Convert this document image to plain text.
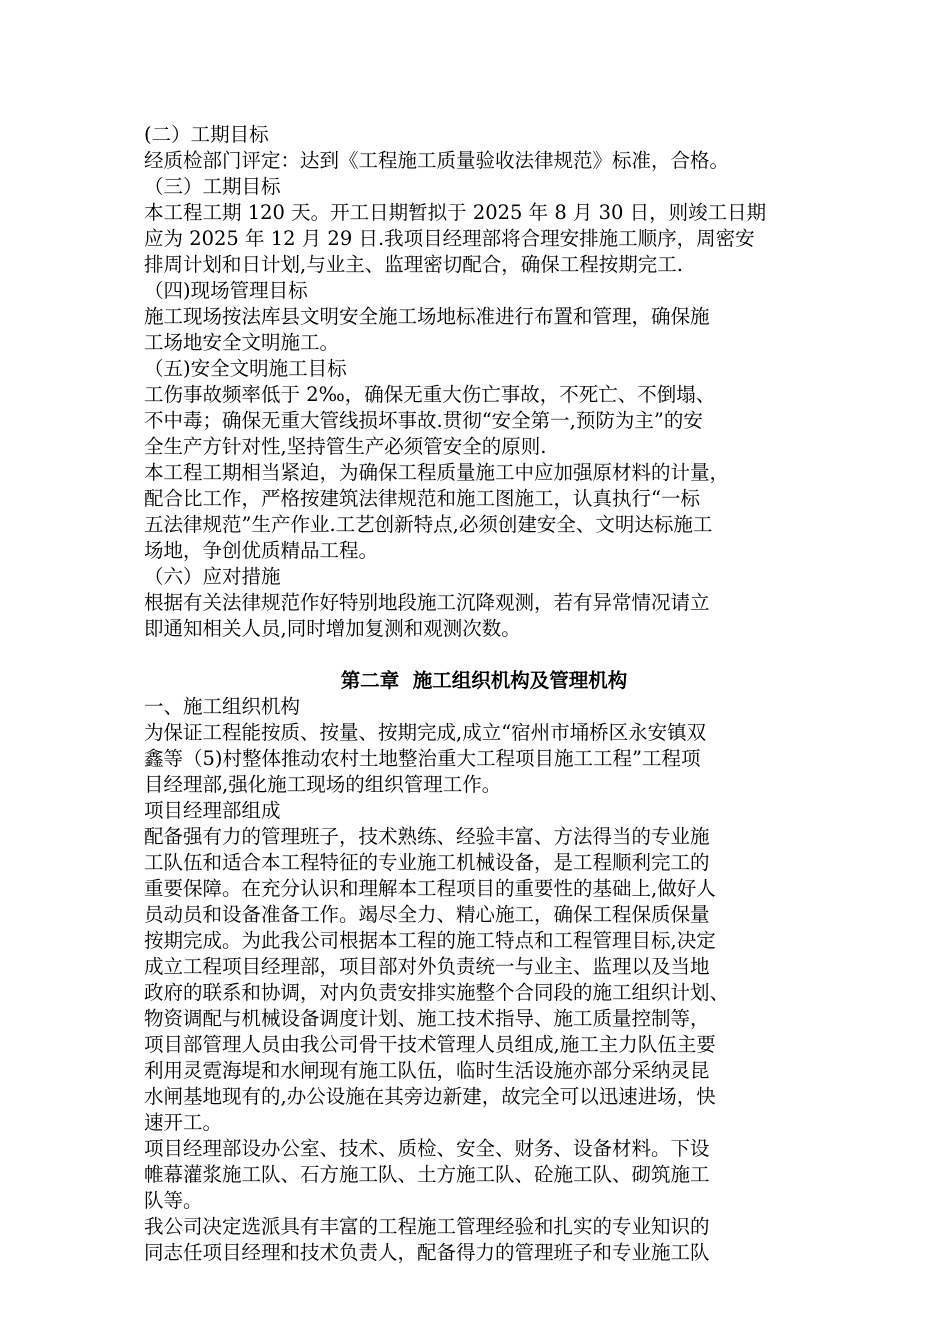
(二）工期目标

经质检部门评定：达到《工程施工质量验收法律规范》标准，合格。

（三）工期目标

本工程工期 120 天。开工日期暂拟于 2025 年 8 月 30 日，则竣工日期

应为 2025 年 12 月 29 日.我项目经理部将合理安排施工顺序，周密安

排周计划和日计划,与业主、监理密切配合，确保工程按期完工.

（四)现场管理目标

施工现场按法库县文明安全施工场地标准进行布置和管理，确保施

工场地安全文明施工。

（五)安全文明施工目标

工伤事故频率低于 2‰，确保无重大伤亡事故，不死亡、不倒塌、

不中毒；确保无重大管线损坏事故.贯彻“安全第一,预防为主”的安

全生产方针对性,坚持管生产必须管安全的原则.

本工程工期相当紧迫，为确保工程质量施工中应加强原材料的计量，

配合比工作，严格按建筑法律规范和施工图施工，认真执行“一标

五法律规范”生产作业.工艺创新特点,必须创建安全、文明达标施工

场地，争创优质精品工程。

（六）应对措施

根据有关法律规范作好特别地段施工沉降观测，若有异常情况请立

即通知相关人员,同时增加复测和观测次数。

第二章  施工组织机构及管理机构

一、施工组织机构

为保证工程能按质、按量、按期完成,成立“宿州市埇桥区永安镇双

鑫等（5)村整体推动农村土地整治重大工程项目施工工程”工程项

目经理部,强化施工现场的组织管理工作。

项目经理部组成

配备强有力的管理班子，技术熟练、经验丰富、方法得当的专业施

工队伍和适合本工程特征的专业施工机械设备，是工程顺利完工的

重要保障。在充分认识和理解本工程项目的重要性的基础上,做好人

员动员和设备准备工作。竭尽全力、精心施工，确保工程保质保量

按期完成。为此我公司根据本工程的施工特点和工程管理目标,决定

成立工程项目经理部，项目部对外负责统一与业主、监理以及当地

政府的联系和协调，对内负责安排实施整个合同段的施工组织计划、

物资调配与机械设备调度计划、施工技术指导、施工质量控制等，

项目部管理人员由我公司骨干技术管理人员组成,施工主力队伍主要

利用灵霓海堤和水闸现有施工队伍，临时生活设施亦部分采纳灵昆

水闸基地现有的,办公设施在其旁边新建，故完全可以迅速进场，快

速开工。

项目经理部设办公室、技术、质检、安全、财务、设备材料。下设

帷幕灌浆施工队、石方施工队、土方施工队、砼施工队、砌筑施工

队等。

我公司决定选派具有丰富的工程施工管理经验和扎实的专业知识的

同志任项目经理和技术负责人，配备得力的管理班子和专业施工队
